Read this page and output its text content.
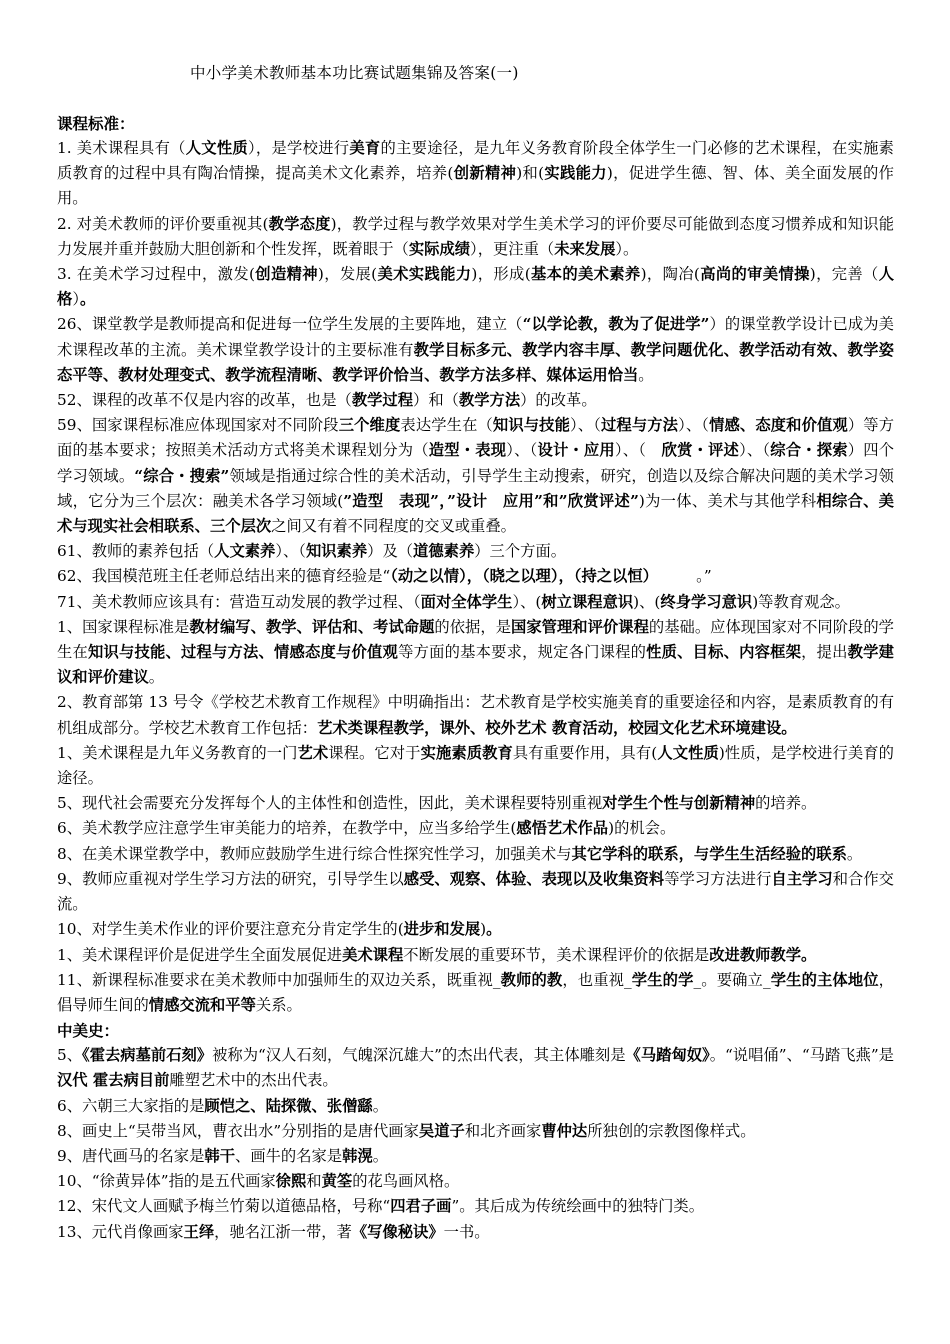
中小学美术教师基本功比赛试题集锦及答案(一)
课程标准：
1. 美术课程具有（人文性质），是学校进行美育的主要途径，是九年义务教育阶段全体学生一门必修的艺术课程，在实施素质教育的过程中具有陶冶情操，提高美术文化素养，培养(创新精神)和(实践能力)，促进学生德、智、体、美全面发展的作用。
2. 对美术教师的评价要重视其(教学态度)，教学过程与教学效果对学生美术学习的评价要尽可能做到态度习惯养成和知识能力发展并重并鼓励大胆创新和个性发挥，既着眼于（实际成绩），更注重（未来发展）。
3. 在美术学习过程中，激发(创造精神)，发展(美术实践能力)，形成(基本的美术素养)，陶冶(高尚的审美情操)，完善（人格）。
26、课堂教学是教师提高和促进每一位学生发展的主要阵地，建立（“以学论教，教为了促进学”）的课堂教学设计已成为美术课程改革的主流。美术课堂教学设计的主要标准有教学目标多元、教学内容丰厚、教学问题优化、教学活动有效、教学姿态平等、教材处理变式、教学流程清晰、教学评价恰当、教学方法多样、媒体运用恰当。
52、课程的改革不仅是内容的改革，也是（教学过程）和（教学方法）的改革。
59、国家课程标准应体现国家对不同阶段三个维度表达学生在（知识与技能）、（过程与方法）、（情感、态度和价值观）等方面的基本要求；按照美术活动方式将美术课程划分为（造型・表现）、（设计・应用）、（　欣赏・评述）、（综合・探索）四个学习领域。“综合・搜索”领域是指通过综合性的美术活动，引导学生主动搜索，研究，创造以及综合解决问题的美术学习领域，它分为三个层次：融美术各学习领域(”造型　表现”，”设计　应用”和”欣赏评述”)为一体、美术与其他学科相综合、美术与现实社会相联系、三个层次之间又有着不同程度的交叉或重叠。
61、教师的素养包括（人文素养）、（知识素养）及（道德素养）三个方面。
62、我国模范班主任老师总结出来的德育经验是“（动之以情），（晓之以理），（持之以恒）　　　。”
71、美术教师应该具有：营造互动发展的教学过程、（面对全体学生）、(树立课程意识)、(终身学习意识)等教育观念。
1、国家课程标准是教材编写、教学、评估和、考试命题的依据，是国家管理和评价课程的基础。应体现国家对不同阶段的学生在知识与技能、过程与方法、情感态度与价值观等方面的基本要求，规定各门课程的性质、目标、内容框架，提出教学建议和评价建议。
2、教育部第 13 号令《学校艺术教育工作规程》中明确指出：艺术教育是学校实施美育的重要途径和内容，是素质教育的有机组成部分。学校艺术教育工作包括：艺术类课程教学，课外、校外艺术 教育活动，校园文化艺术环境建设。
1、美术课程是九年义务教育的一门艺术课程。它对于实施素质教育具有重要作用，具有(人文性质)性质，是学校进行美育的途径。
5、现代社会需要充分发挥每个人的主体性和创造性，因此，美术课程要特别重视对学生个性与创新精神的培养。
6、美术教学应注意学生审美能力的培养，在教学中，应当多给学生(感悟艺术作品)的机会。
8、在美术课堂教学中，教师应鼓励学生进行综合性探究性学习，加强美术与其它学科的联系，与学生生活经验的联系。
9、教师应重视对学生学习方法的研究，引导学生以感受、观察、体验、表现以及收集资料等学习方法进行自主学习和合作交流。
10、对学生美术作业的评价要注意充分肯定学生的(进步和发展)。
1、美术课程评价是促进学生全面发展促进美术课程不断发展的重要环节，美术课程评价的依据是改进教师教学。
11、新课程标准要求在美术教师中加强师生的双边关系，既重视_教师的教，也重视_学生的学_。要确立_学生的主体地位，倡导师生间的情感交流和平等关系。
中美史：
5、《霍去病墓前石刻》被称为“汉人石刻，气魄深沉雄大”的杰出代表，其主体雕刻是《马踏匈奴》。“说唱俑”、“马踏飞燕”是汉代 霍去病目前雕塑艺术中的杰出代表。
6、六朝三大家指的是顾恺之、陆探微、张僧繇。
8、画史上“吴带当风，曹衣出水”分别指的是唐代画家吴道子和北齐画家曹仲达所独创的宗教图像样式。
9、唐代画马的名家是韩干、画牛的名家是韩滉。
10、“徐黄异体”指的是五代画家徐熙和黄筌的花鸟画风格。
12、宋代文人画赋予梅兰竹菊以道德品格，号称“四君子画”。其后成为传统绘画中的独特门类。
13、元代肖像画家王绎，驰名江浙一带，著《写像秘诀》一书。
